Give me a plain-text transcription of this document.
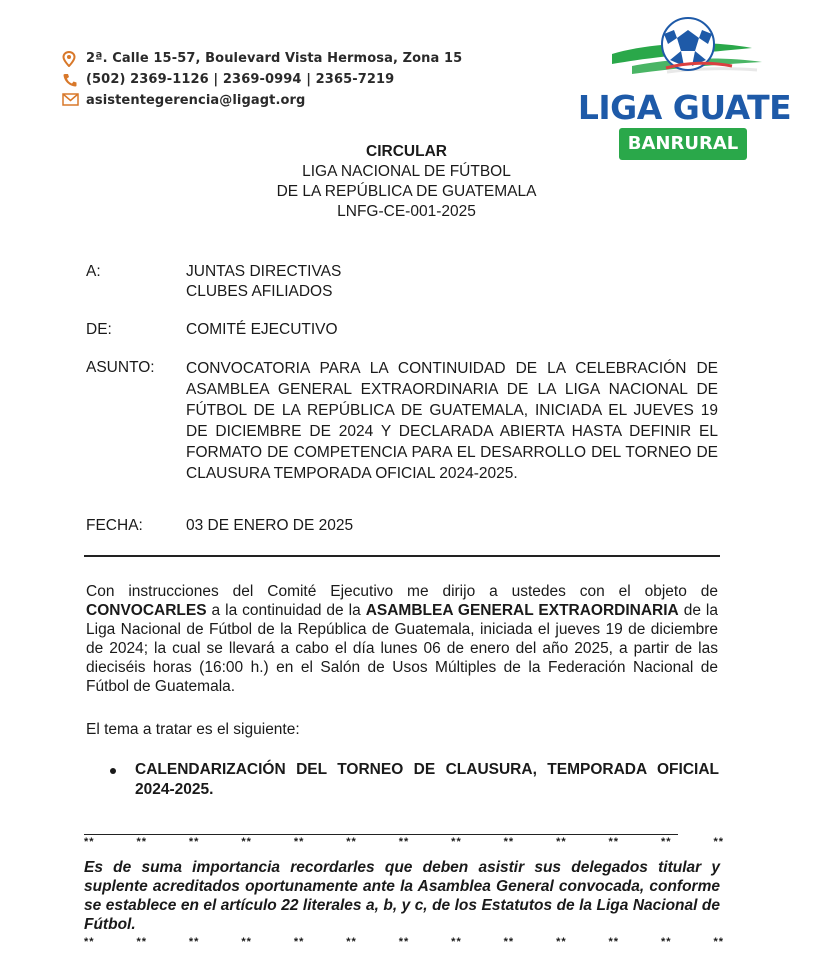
2ª. Calle 15-57, Boulevard Vista Hermosa, Zona 15
(502) 2369-1126 | 2369-0994 | 2365-7219
asistentegerencia@ligagt.org	LIGA GUATE
BANRURAL
CIRCULAR
LIGA NACIONAL DE FÚTBOL
DE LA REPÚBLICA DE GUATEMALA
LNFG-CE-001-2025
A:	JUNTAS DIRECTIVAS
CLUBES AFILIADOS
DE:	COMITÉ EJECUTIVO
ASUNTO: CONVOCATORIA PARA LA CONTINUIDAD DE LA CELEBRACIÓN DE ASAMBLEA GENERAL EXTRAORDINARIA DE LA LIGA NACIONAL DE FÚTBOL DE LA REPÚBLICA DE GUATEMALA, INICIADA EL JUEVES 19 DE DICIEMBRE DE 2024 Y DECLARADA ABIERTA HASTA DEFINIR EL FORMATO DE COMPETENCIA PARA EL DESARROLLO DEL TORNEO DE CLAUSURA TEMPORADA OFICIAL 2024-2025.
FECHA:	03 DE ENERO DE 2025
Con instrucciones del Comité Ejecutivo me dirijo a ustedes con el objeto de CONVOCARLES a la continuidad de la ASAMBLEA GENERAL EXTRAORDINARIA de la Liga Nacional de Fútbol de la República de Guatemala, iniciada el jueves 19 de diciembre de 2024; la cual se llevará a cabo el día lunes 06 de enero del año 2025, a partir de las dieciséis horas (16:00 h.) en el Salón de Usos Múltiples de la Federación Nacional de Fútbol de Guatemala.
El tema a tratar es el siguiente:
CALENDARIZACIÓN DEL TORNEO DE CLAUSURA, TEMPORADA OFICIAL 2024-2025.
**	**	**	**	**	**	**	**	**	**	**	**	**
Es de suma importancia recordarles que deben asistir sus delegados titular y suplente acreditados oportunamente ante la Asamblea General convocada, conforme se establece en el artículo 22 literales a, b, y c, de los Estatutos de la Liga Nacional de Fútbol.
**	**	**	**	**	**	**	**	**	**	**	**	**
